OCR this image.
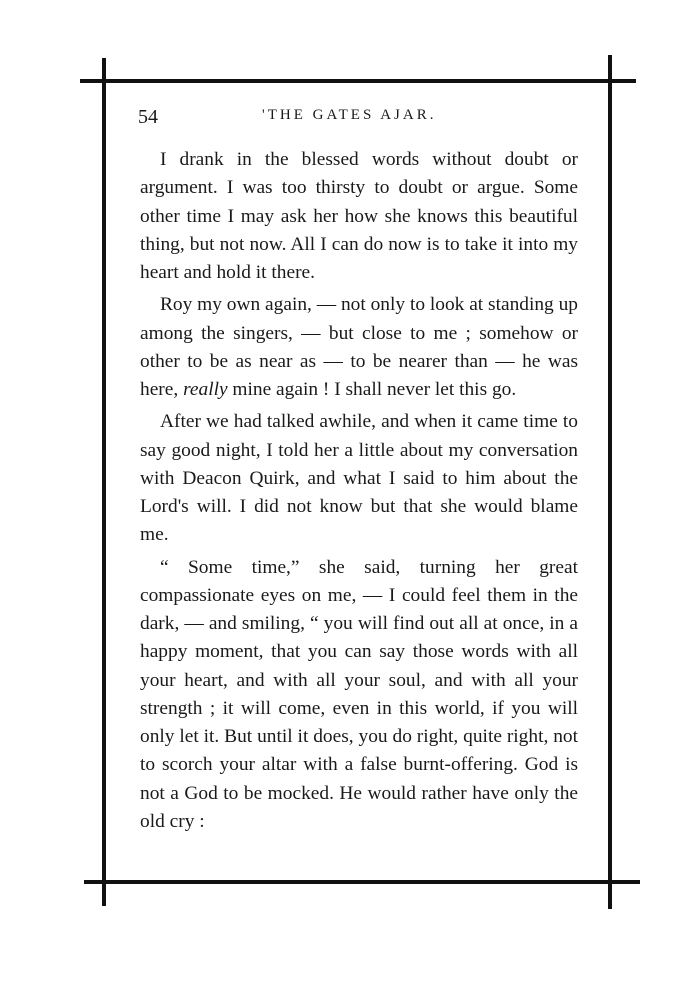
54	'THE GATES AJAR.

I drank in the blessed words without doubt or argument. I was too thirsty to doubt or argue. Some other time I may ask her how she knows this beautiful thing, but not now. All I can do now is to take it into my heart and hold it there.

Roy my own again, — not only to look at standing up among the singers, — but close to me ; somehow or other to be as near as — to be nearer than — he was here, really mine again ! I shall never let this go.

After we had talked awhile, and when it came time to say good night, I told her a little about my conversation with Deacon Quirk, and what I said to him about the Lord's will. I did not know but that she would blame me.

“ Some time,” she said, turning her great compassionate eyes on me, — I could feel them in the dark, — and smiling, “ you will find out all at once, in a happy moment, that you can say those words with all your heart, and with all your soul, and with all your strength ; it will come, even in this world, if you will only let it. But until it does, you do right, quite right, not to scorch your altar with a false burnt-offering. God is not a God to be mocked. He would rather have only the old cry :
